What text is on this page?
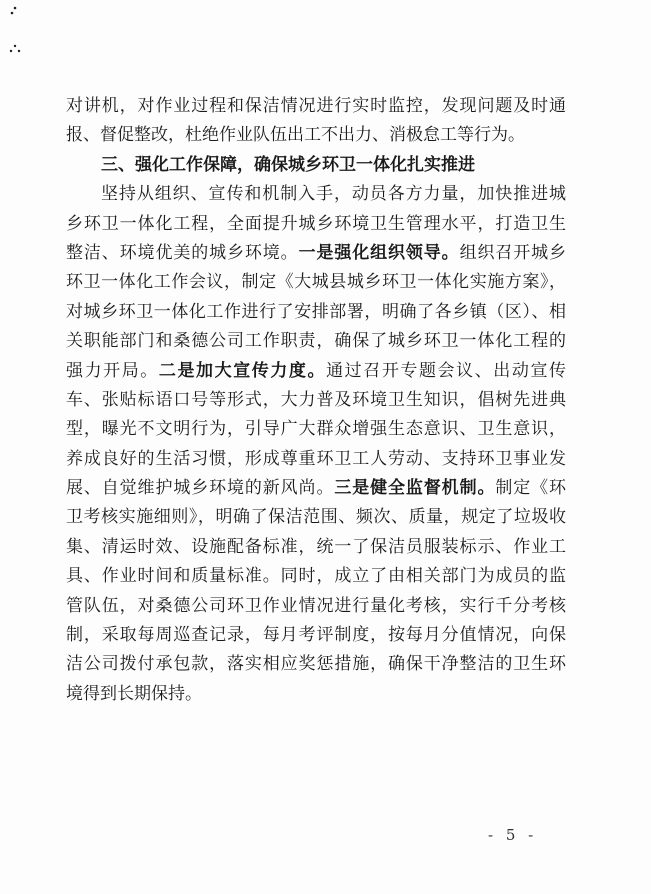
对讲机，对作业过程和保洁情况进行实时监控，发现问题及时通
报、督促整改，杜绝作业队伍出工不出力、消极怠工等行为。
三、强化工作保障，确保城乡环卫一体化扎实推进
坚持从组织、宣传和机制入手，动员各方力量，加快推进城
乡环卫一体化工程，全面提升城乡环境卫生管理水平，打造卫生
整洁、环境优美的城乡环境。一是强化组织领导。组织召开城乡
环卫一体化工作会议，制定《大城县城乡环卫一体化实施方案》，
对城乡环卫一体化工作进行了安排部署，明确了各乡镇（区）、相
关职能部门和桑德公司工作职责，确保了城乡环卫一体化工程的
强力开局。二是加大宣传力度。通过召开专题会议、出动宣传
车、张贴标语口号等形式，大力普及环境卫生知识，倡树先进典
型，曝光不文明行为，引导广大群众增强生态意识、卫生意识，
养成良好的生活习惯，形成尊重环卫工人劳动、支持环卫事业发
展、自觉维护城乡环境的新风尚。三是健全监督机制。制定《环
卫考核实施细则》，明确了保洁范围、频次、质量，规定了垃圾收
集、清运时效、设施配备标准，统一了保洁员服装标示、作业工
具、作业时间和质量标准。同时，成立了由相关部门为成员的监
管队伍，对桑德公司环卫作业情况进行量化考核，实行千分考核
制，采取每周巡查记录，每月考评制度，按每月分值情况，向保
洁公司拨付承包款，落实相应奖惩措施，确保干净整洁的卫生环
境得到长期保持。
- 5 -
